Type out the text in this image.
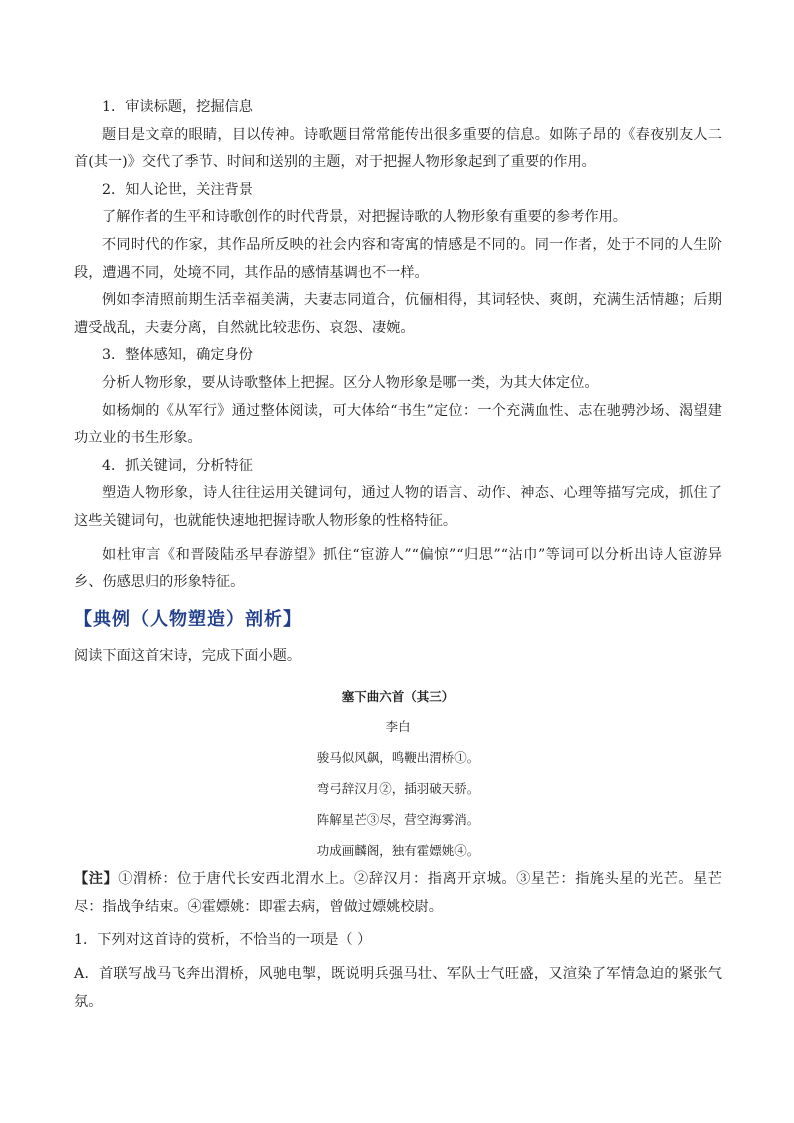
1．审读标题，挖掘信息

题目是文章的眼睛，目以传神。诗歌题目常常能传出很多重要的信息。如陈子昂的《春夜别友人二首(其一)》交代了季节、时间和送别的主题，对于把握人物形象起到了重要的作用。

2．知人论世，关注背景

了解作者的生平和诗歌创作的时代背景，对把握诗歌的人物形象有重要的参考作用。

不同时代的作家，其作品所反映的社会内容和寄寓的情感是不同的。同一作者，处于不同的人生阶段，遭遇不同，处境不同，其作品的感情基调也不一样。

例如李清照前期生活幸福美满，夫妻志同道合，伉俪相得，其词轻快、爽朗，充满生活情趣；后期遭受战乱，夫妻分离，自然就比较悲伤、哀怨、凄婉。

3．整体感知，确定身份

分析人物形象，要从诗歌整体上把握。区分人物形象是哪一类，为其大体定位。

如杨炯的《从军行》通过整体阅读，可大体给“书生”定位：一个充满血性、志在驰骋沙场、渴望建功立业的书生形象。

4．抓关键词，分析特征

塑造人物形象，诗人往往运用关键词句，通过人物的语言、动作、神态、心理等描写完成，抓住了这些关键词句，也就能快速地把握诗歌人物形象的性格特征。

如杜审言《和晋陵陆丞早春游望》抓住“宦游人”“偏惊”“归思”“沾巾”等词可以分析出诗人宦游异乡、伤感思归的形象特征。

【典例（人物塑造）剖析】

阅读下面这首宋诗，完成下面小题。

塞下曲六首（其三）
李白
骏马似风飙，鸣鞭出渭桥①。
弯弓辞汉月②，插羽破天骄。
阵解星芒③尽，营空海雾消。
功成画麟阁，独有霍嫖姚④。

【注】①渭桥：位于唐代长安西北渭水上。②辞汉月：指离开京城。③星芒：指旄头星的光芒。星芒尽：指战争结束。④霍嫖姚：即霍去病，曾做过嫖姚校尉。

1．下列对这首诗的赏析，不恰当的一项是（ ）

A．首联写战马飞奔出渭桥，风驰电掣，既说明兵强马壮、军队士气旺盛，又渲染了军情急迫的紧张气氛。
